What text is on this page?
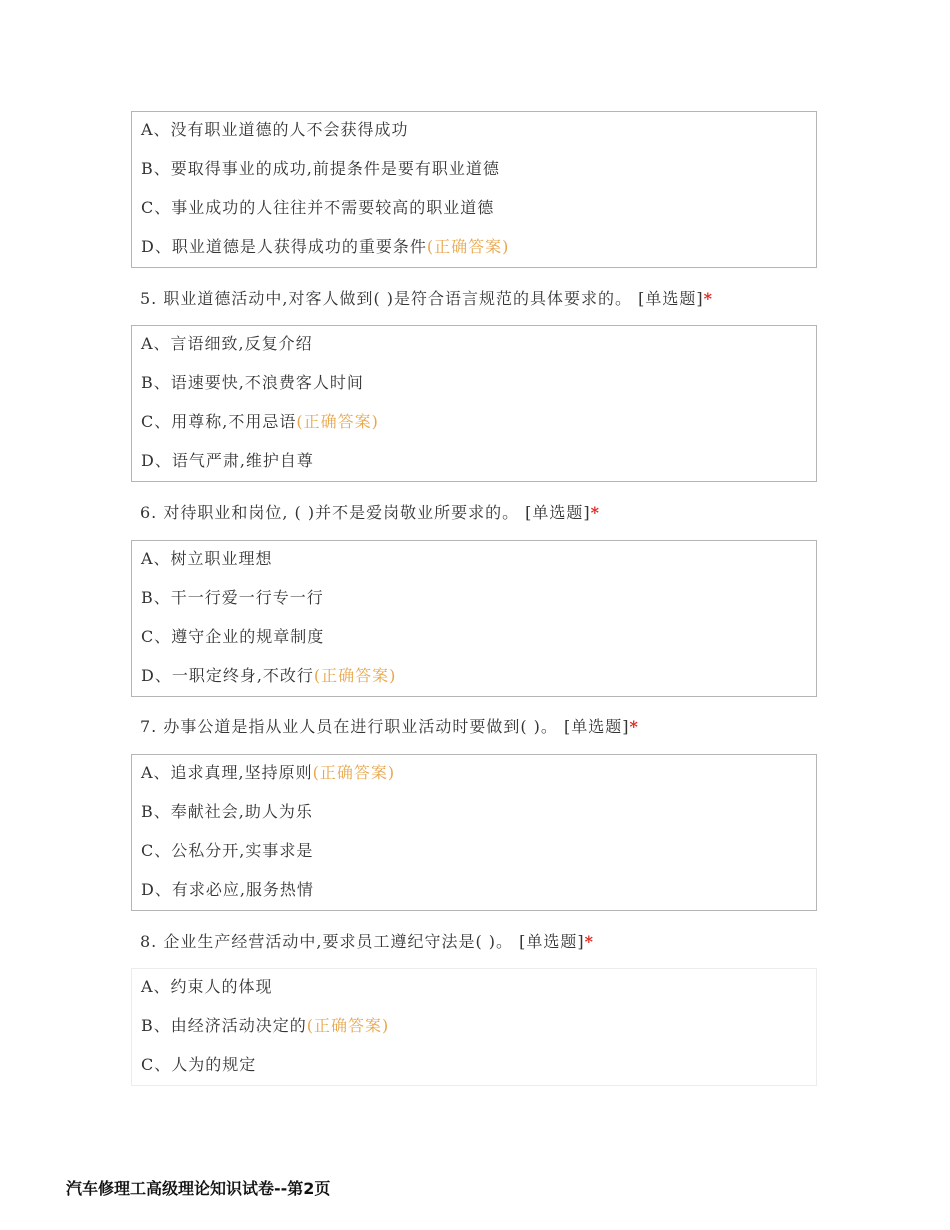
A、没有职业道德的人不会获得成功
B、要取得事业的成功,前提条件是要有职业道德
C、事业成功的人往往并不需要较高的职业道德
D、职业道德是人获得成功的重要条件(正确答案)
5. 职业道德活动中,对客人做到( )是符合语言规范的具体要求的。 [单选题]*
A、言语细致,反复介绍
B、语速要快,不浪费客人时间
C、用尊称,不用忌语(正确答案)
D、语气严肃,维护自尊
6. 对待职业和岗位, ( )并不是爱岗敬业所要求的。 [单选题]*
A、树立职业理想
B、干一行爱一行专一行
C、遵守企业的规章制度
D、一职定终身,不改行(正确答案)
7. 办事公道是指从业人员在进行职业活动时要做到( )。 [单选题]*
A、追求真理,坚持原则(正确答案)
B、奉献社会,助人为乐
C、公私分开,实事求是
D、有求必应,服务热情
8. 企业生产经营活动中,要求员工遵纪守法是( )。 [单选题]*
A、约束人的体现
B、由经济活动决定的(正确答案)
C、人为的规定
汽车修理工高级理论知识试卷--第2页
